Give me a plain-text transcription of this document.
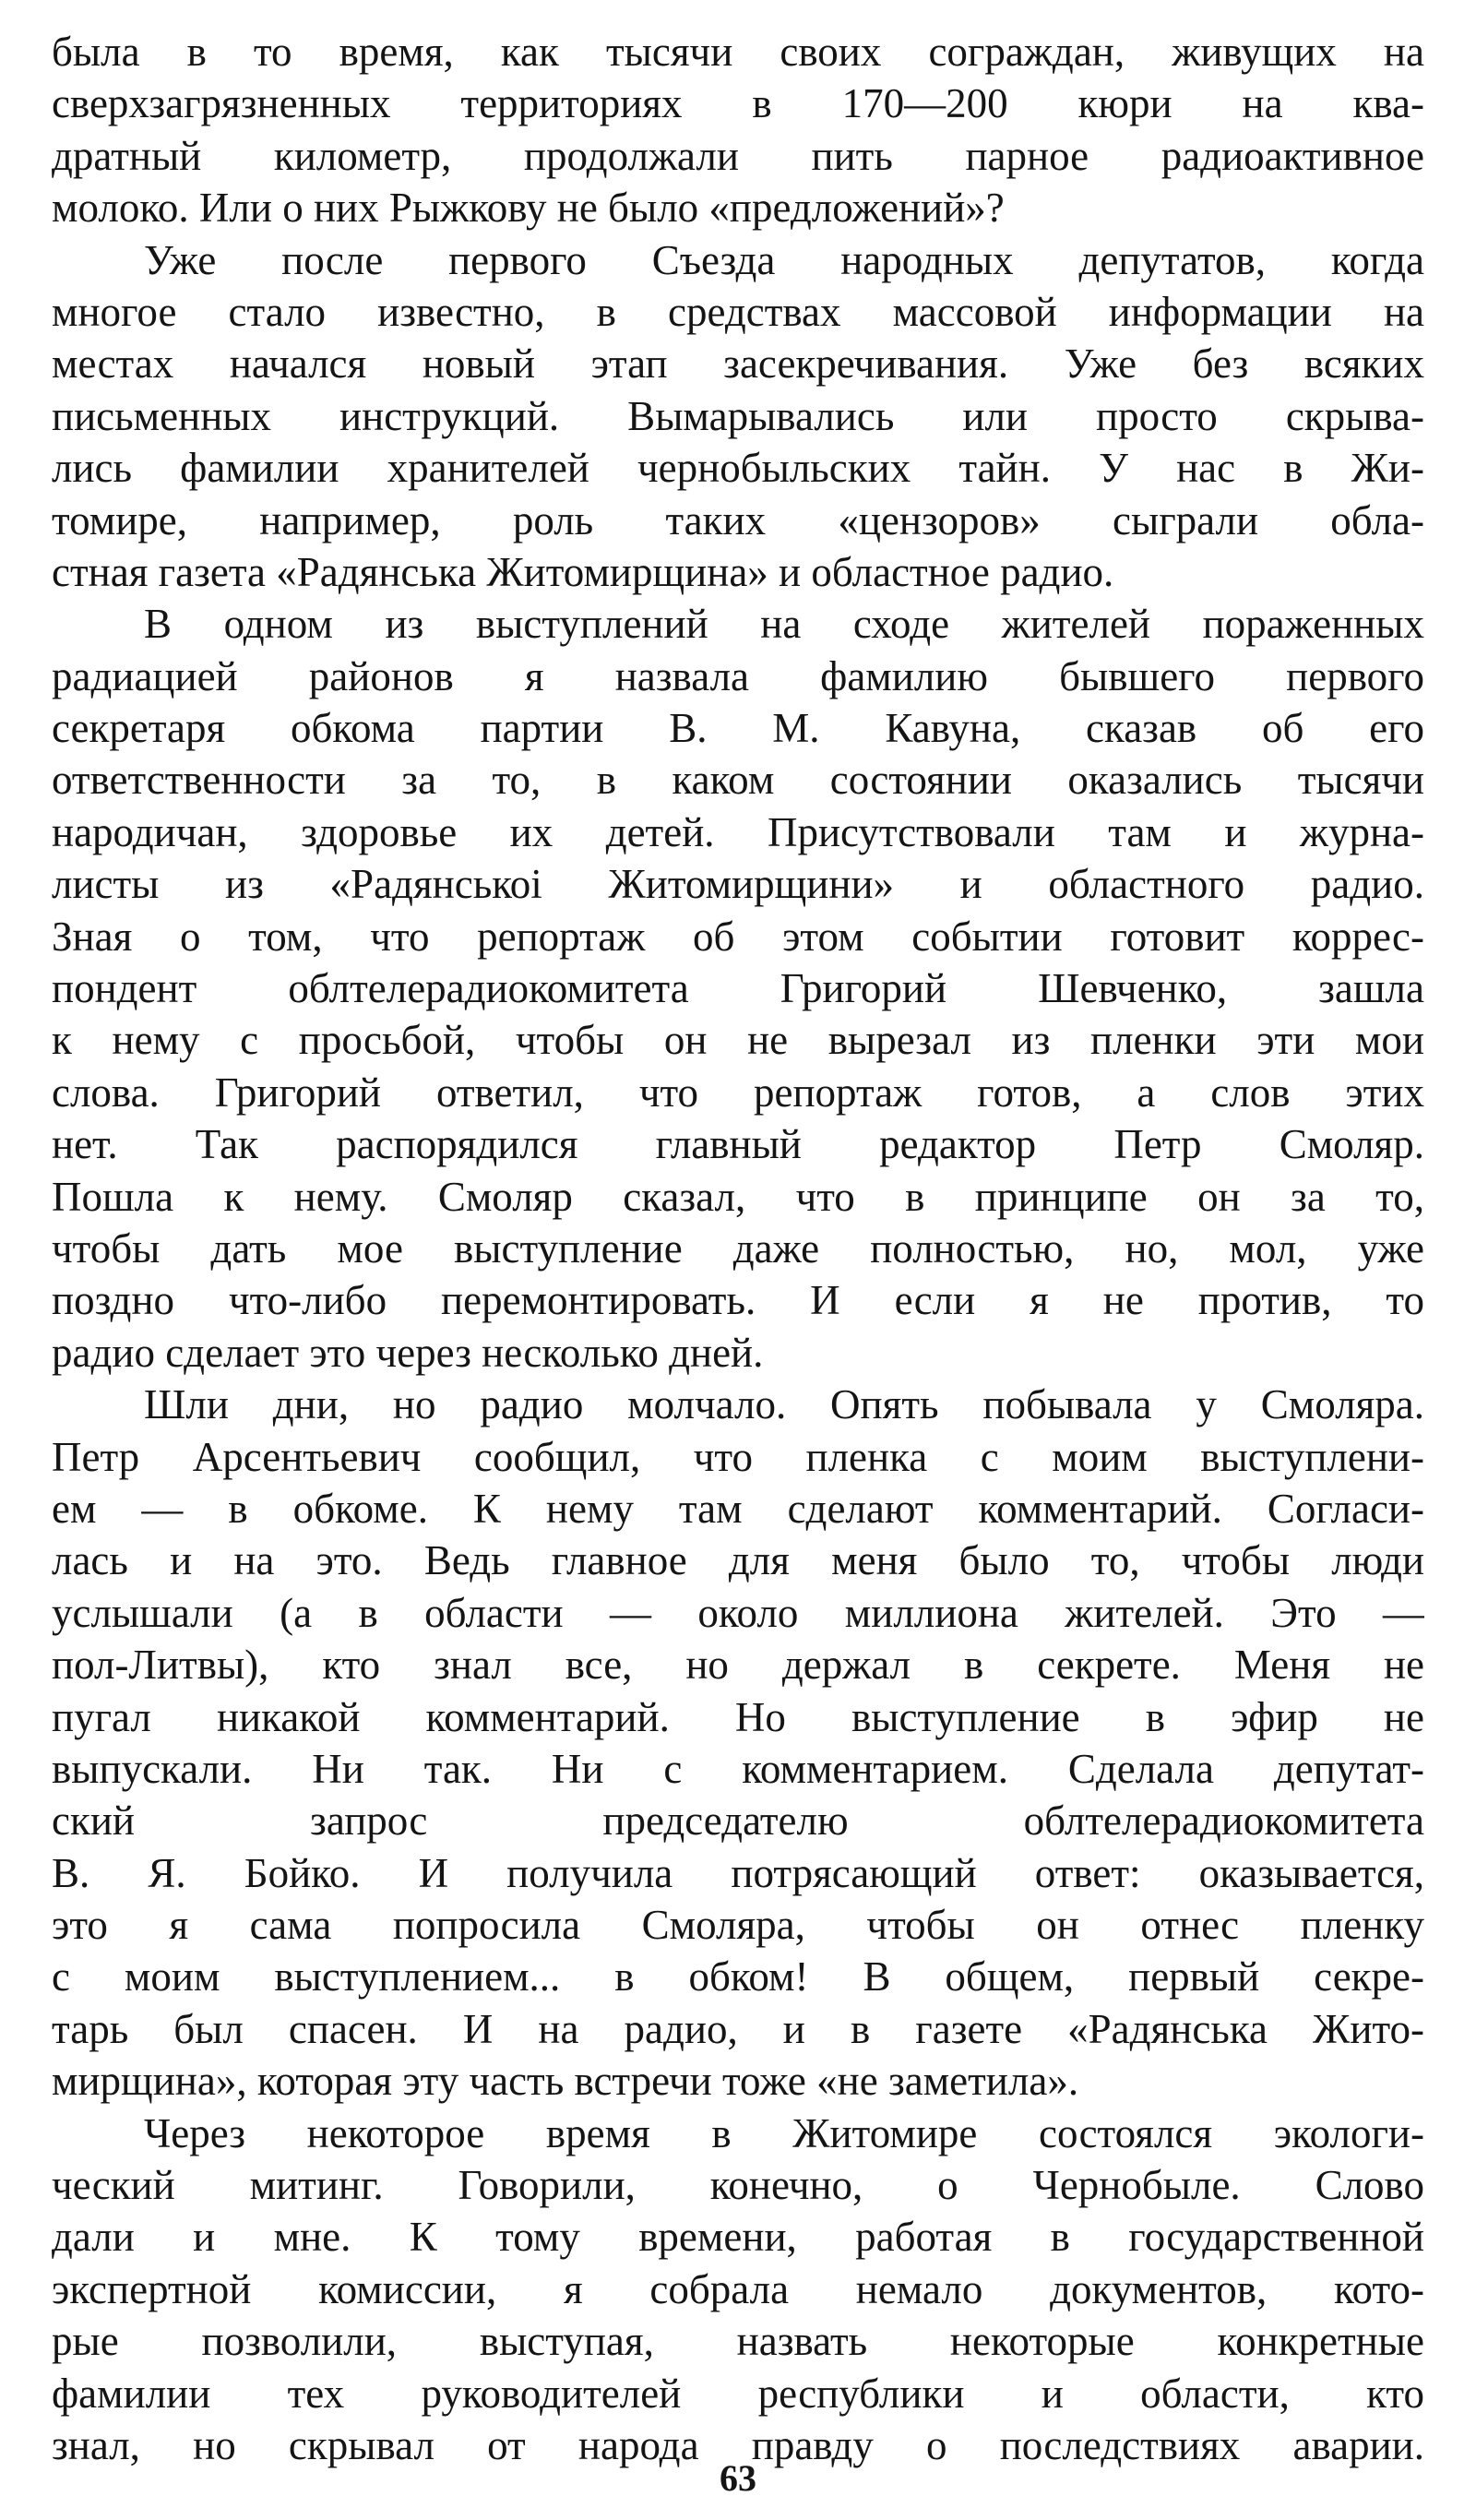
была в то время, как тысячи своих сограждан, живущих на
сверхзагрязненных территориях в 170—200 кюри на ква-
дратный километр, продолжали пить парное радиоактивное
молоко. Или о них Рыжкову не было «предложений»?
Уже после первого Съезда народных депутатов, когда
многое стало известно, в средствах массовой информации на
местах начался новый этап засекречивания. Уже без всяких
письменных инструкций. Вымарывались или просто скрыва-
лись фамилии хранителей чернобыльских тайн. У нас в Жи-
томире, например, роль таких «цензоров» сыграли обла-
стная газета «Радянська Житомирщина» и областное радио.
В одном из выступлений на сходе жителей пораженных
радиацией районов я назвала фамилию бывшего первого
секретаря обкома партии В. М. Кавуна, сказав об его
ответственности за то, в каком состоянии оказались тысячи
народичан, здоровье их детей. Присутствовали там и журна-
листы из «Радянськоі Житомирщини» и областного радио.
Зная о том, что репортаж об этом событии готовит коррес-
пондент облтелерадиокомитета Григорий Шевченко, зашла
к нему с просьбой, чтобы он не вырезал из пленки эти мои
слова. Григорий ответил, что репортаж готов, а слов этих
нет. Так распорядился главный редактор Петр Смоляр.
Пошла к нему. Смоляр сказал, что в принципе он за то,
чтобы дать мое выступление даже полностью, но, мол, уже
поздно что-либо перемонтировать. И если я не против, то
радио сделает это через несколько дней.
Шли дни, но радио молчало. Опять побывала у Смоляра.
Петр Арсентьевич сообщил, что пленка с моим выступлени-
ем — в обкоме. К нему там сделают комментарий. Согласи-
лась и на это. Ведь главное для меня было то, чтобы люди
услышали (а в области — около миллиона жителей. Это —
пол-Литвы), кто знал все, но держал в секрете. Меня не
пугал никакой комментарий. Но выступление в эфир не
выпускали. Ни так. Ни с комментарием. Сделала депутат-
ский запрос председателю облтелерадиокомитета
В. Я. Бойко. И получила потрясающий ответ: оказывается,
это я сама попросила Смоляра, чтобы он отнес пленку
с моим выступлением... в обком! В общем, первый секре-
тарь был спасен. И на радио, и в газете «Радянська Жито-
мирщина», которая эту часть встречи тоже «не заметила».
Через некоторое время в Житомире состоялся экологи-
ческий митинг. Говорили, конечно, о Чернобыле. Слово
дали и мне. К тому времени, работая в государственной
экспертной комиссии, я собрала немало документов, кото-
рые позволили, выступая, назвать некоторые конкретные
фамилии тех руководителей республики и области, кто
знал, но скрывал от народа правду о последствиях аварии.
63
